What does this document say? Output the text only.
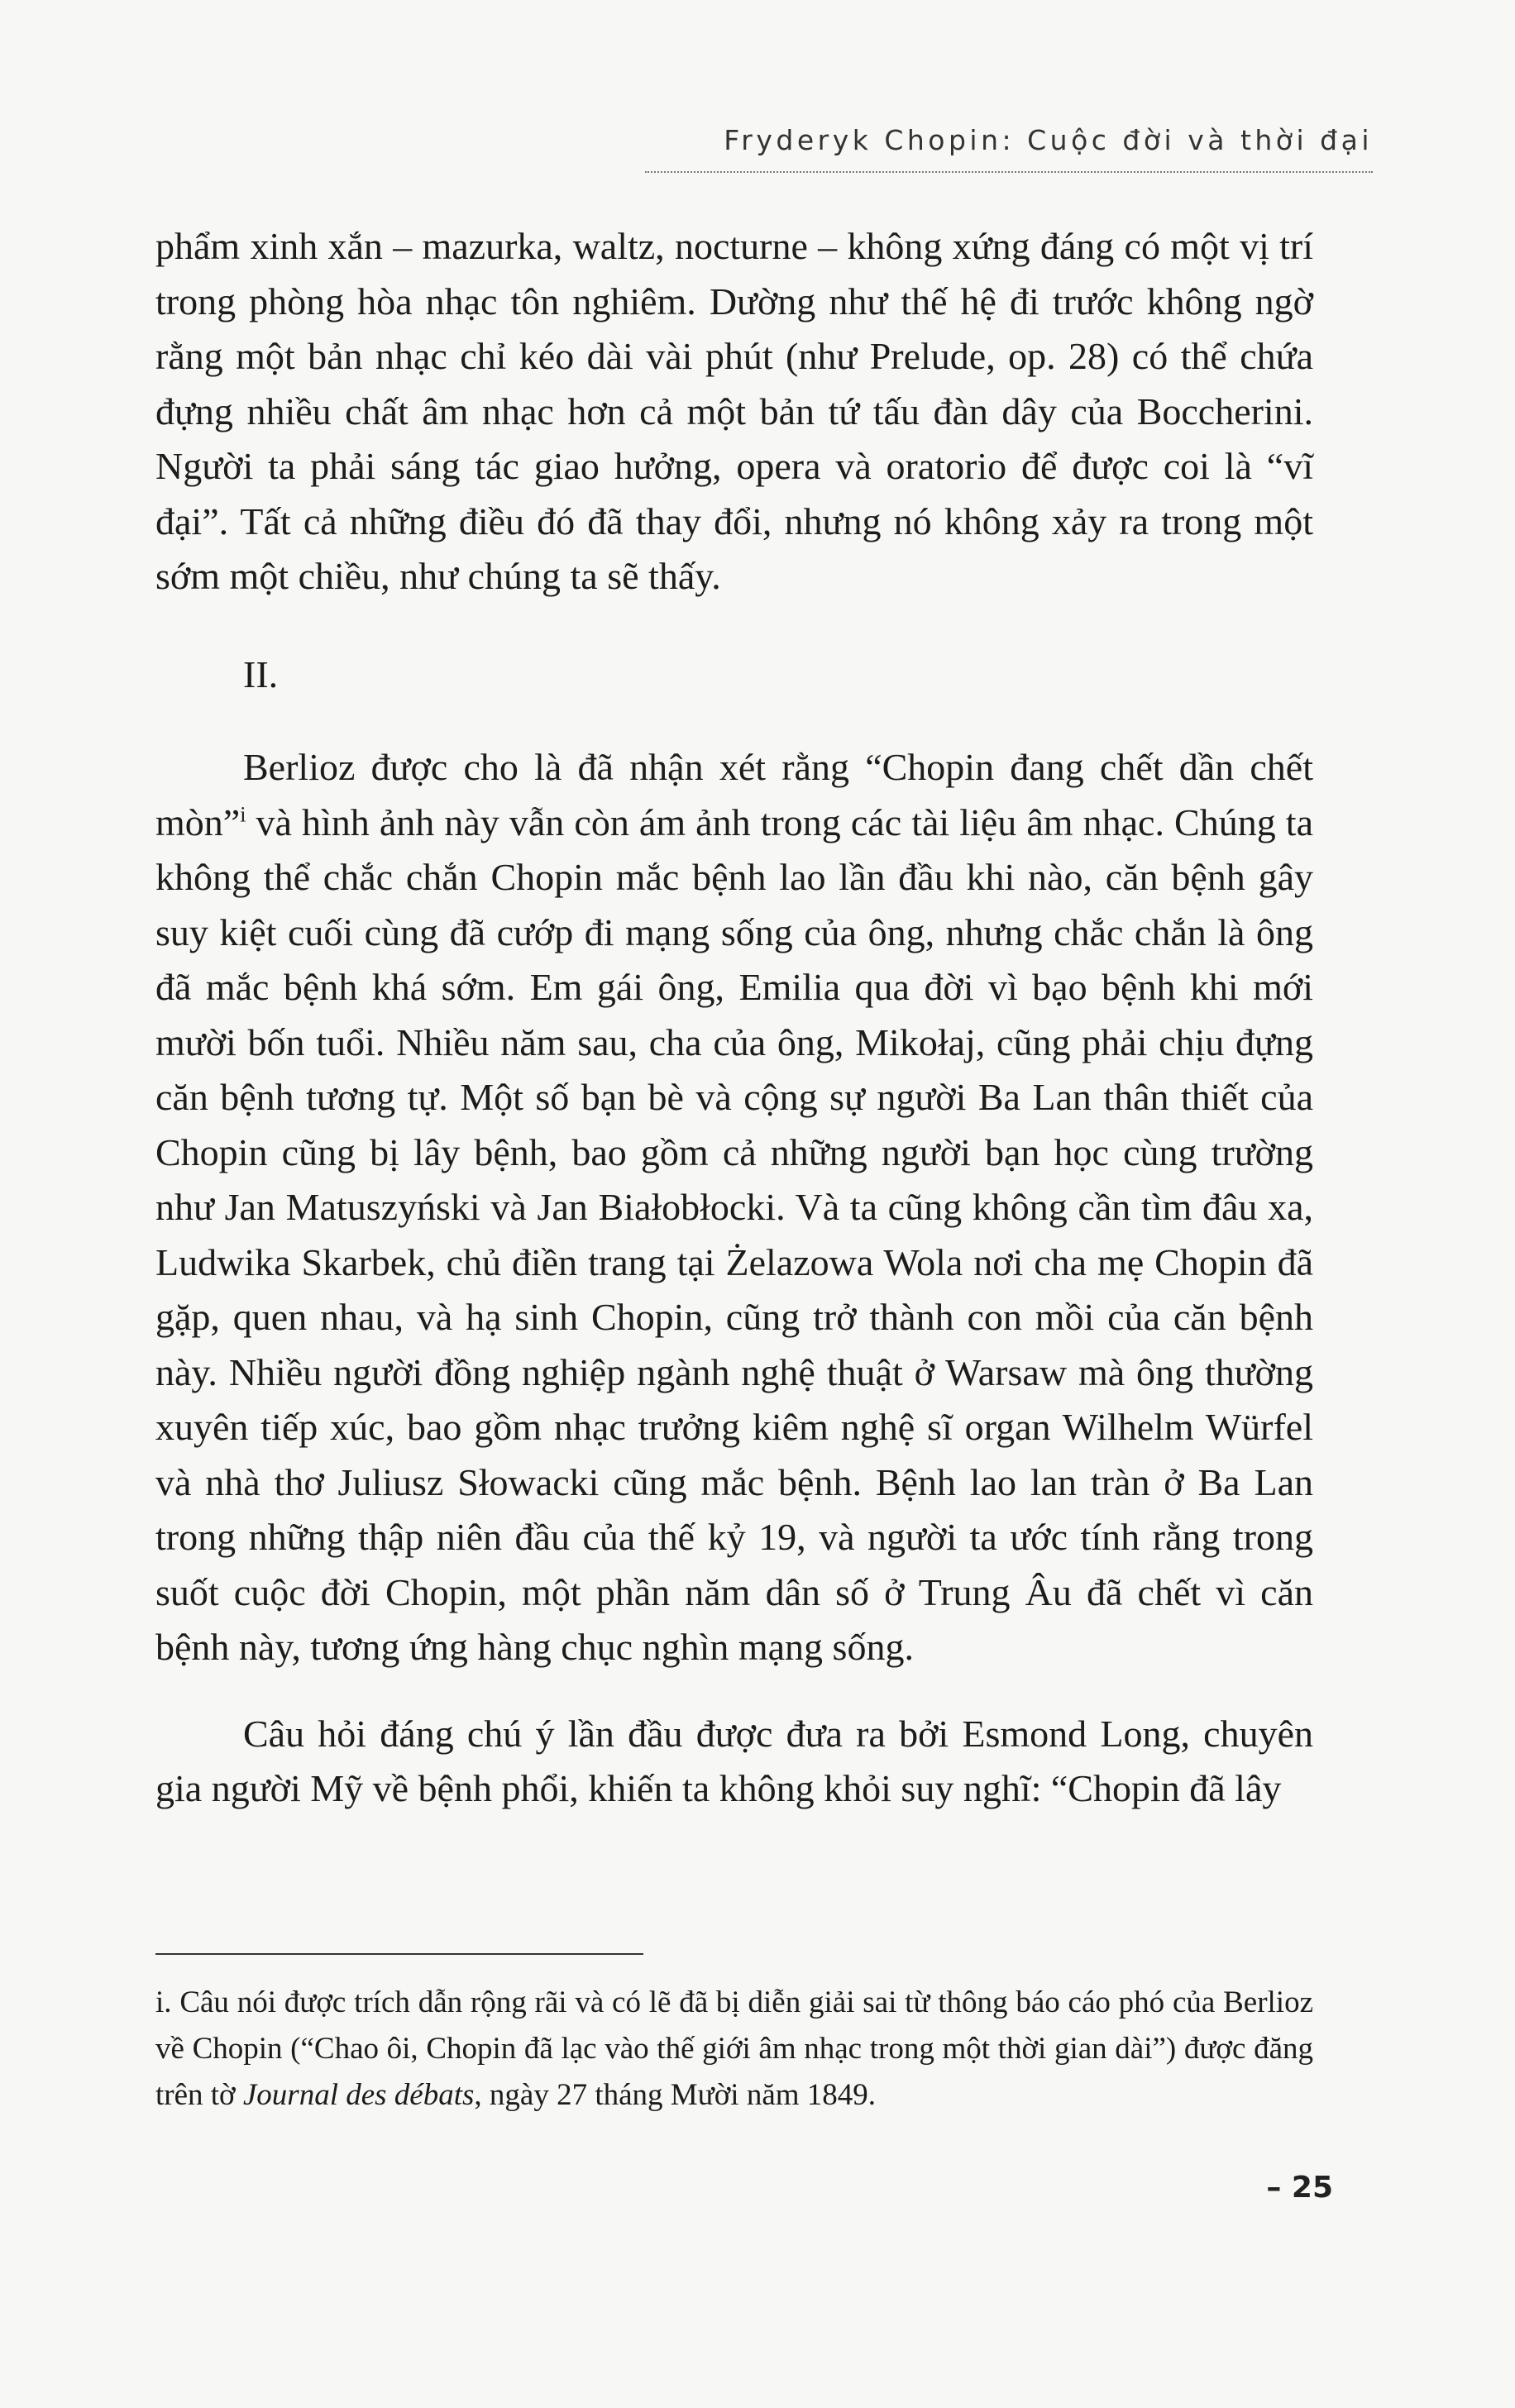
Fryderyk Chopin: Cuộc đời và thời đại

phẩm xinh xắn – mazurka, waltz, nocturne – không xứng đáng có một vị trí trong phòng hòa nhạc tôn nghiêm. Dường như thế hệ đi trước không ngờ rằng một bản nhạc chỉ kéo dài vài phút (như Prelude, op. 28) có thể chứa đựng nhiều chất âm nhạc hơn cả một bản tứ tấu đàn dây của Boccherini. Người ta phải sáng tác giao hưởng, opera và oratorio để được coi là “vĩ đại”. Tất cả những điều đó đã thay đổi, nhưng nó không xảy ra trong một sớm một chiều, như chúng ta sẽ thấy.

II.

Berlioz được cho là đã nhận xét rằng “Chopin đang chết dần chết mòn”$^i$ và hình ảnh này vẫn còn ám ảnh trong các tài liệu âm nhạc. Chúng ta không thể chắc chắn Chopin mắc bệnh lao lần đầu khi nào, căn bệnh gây suy kiệt cuối cùng đã cướp đi mạng sống của ông, nhưng chắc chắn là ông đã mắc bệnh khá sớm. Em gái ông, Emilia qua đời vì bạo bệnh khi mới mười bốn tuổi. Nhiều năm sau, cha của ông, Mikołaj, cũng phải chịu đựng căn bệnh tương tự. Một số bạn bè và cộng sự người Ba Lan thân thiết của Chopin cũng bị lây bệnh, bao gồm cả những người bạn học cùng trường như Jan Matuszyński và Jan Białobłocki. Và ta cũng không cần tìm đâu xa, Ludwika Skarbek, chủ điền trang tại Żelazowa Wola nơi cha mẹ Chopin đã gặp, quen nhau, và hạ sinh Chopin, cũng trở thành con mồi của căn bệnh này. Nhiều người đồng nghiệp ngành nghệ thuật ở Warsaw mà ông thường xuyên tiếp xúc, bao gồm nhạc trưởng kiêm nghệ sĩ organ Wilhelm Würfel và nhà thơ Juliusz Słowacki cũng mắc bệnh. Bệnh lao lan tràn ở Ba Lan trong những thập niên đầu của thế kỷ 19, và người ta ước tính rằng trong suốt cuộc đời Chopin, một phần năm dân số ở Trung Âu đã chết vì căn bệnh này, tương ứng hàng chục nghìn mạng sống.

Câu hỏi đáng chú ý lần đầu được đưa ra bởi Esmond Long, chuyên gia người Mỹ về bệnh phổi, khiến ta không khỏi suy nghĩ: “Chopin đã lây

i. Câu nói được trích dẫn rộng rãi và có lẽ đã bị diễn giải sai từ thông báo cáo phó của Berlioz về Chopin (“Chao ôi, Chopin đã lạc vào thế giới âm nhạc trong một thời gian dài”) được đăng trên tờ Journal des débats, ngày 27 tháng Mười năm 1849.

– 25
